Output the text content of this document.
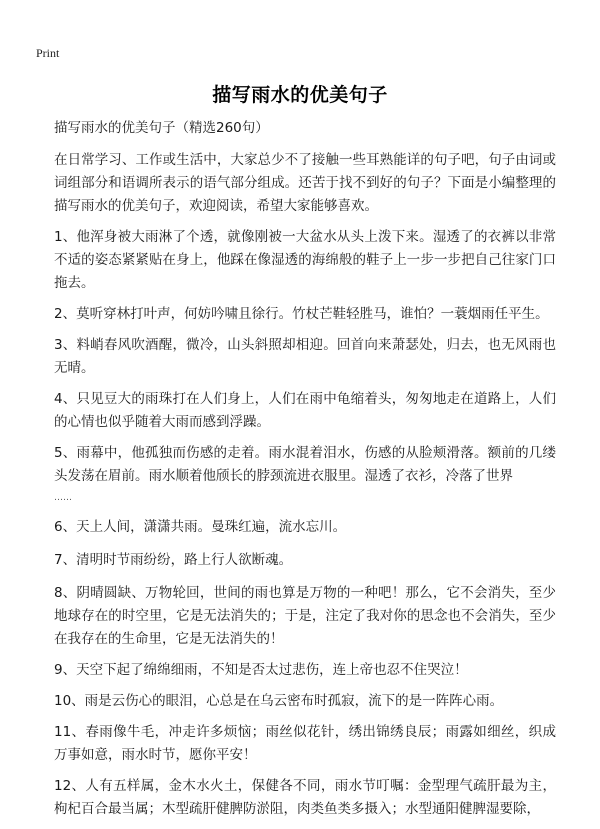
Print
描写雨水的优美句子

描写雨水的优美句子（精选260句）

在日常学习、工作或生活中，大家总少不了接触一些耳熟能详的句子吧，句子由词或词组部分和语调所表示的语气部分组成。还苦于找不到好的句子？下面是小编整理的描写雨水的优美句子，欢迎阅读，希望大家能够喜欢。

1、他浑身被大雨淋了个透，就像刚被一大盆水从头上泼下来。湿透了的衣裤以非常不适的姿态紧紧贴在身上，他踩在像湿透的海绵般的鞋子上一步一步把自己往家门口拖去。

2、莫听穿林打叶声，何妨吟啸且徐行。竹杖芒鞋轻胜马，谁怕？一蓑烟雨任平生。

3、料峭春风吹酒醒，微冷，山头斜照却相迎。回首向来萧瑟处，归去，也无风雨也无晴。

4、只见豆大的雨珠打在人们身上，人们在雨中龟缩着头，匆匆地走在道路上，人们的心情也似乎随着大雨而感到浮躁。

5、雨幕中，他孤独而伤感的走着。雨水混着泪水，伤感的从脸颊滑落。额前的几缕头发荡在眉前。雨水顺着他颀长的脖颈流进衣服里。湿透了衣衫，冷落了世界

……

6、天上人间，潇潇共雨。曼珠红遍，流水忘川。

7、清明时节雨纷纷，路上行人欲断魂。

8、阴晴圆缺、万物轮回，世间的雨也算是万物的一种吧！那么，它不会消失，至少地球存在的时空里，它是无法消失的；于是，注定了我对你的思念也不会消失，至少在我存在的生命里，它是无法消失的！

9、天空下起了绵绵细雨，不知是否太过悲伤，连上帝也忍不住哭泣！

10、雨是云伤心的眼泪，心总是在乌云密布时孤寂，流下的是一阵阵心雨。

11、春雨像牛毛，冲走许多烦恼；雨丝似花针，绣出锦绣良辰；雨露如细丝，织成万事如意，雨水时节，愿你平安！

12、人有五样属，金木水火土，保健各不同，雨水节叮嘱：金型理气疏肝最为主，枸杞百合最当属；木型疏肝健脾防淤阻，肉类鱼类多摄入；水型通阳健脾湿要除，
